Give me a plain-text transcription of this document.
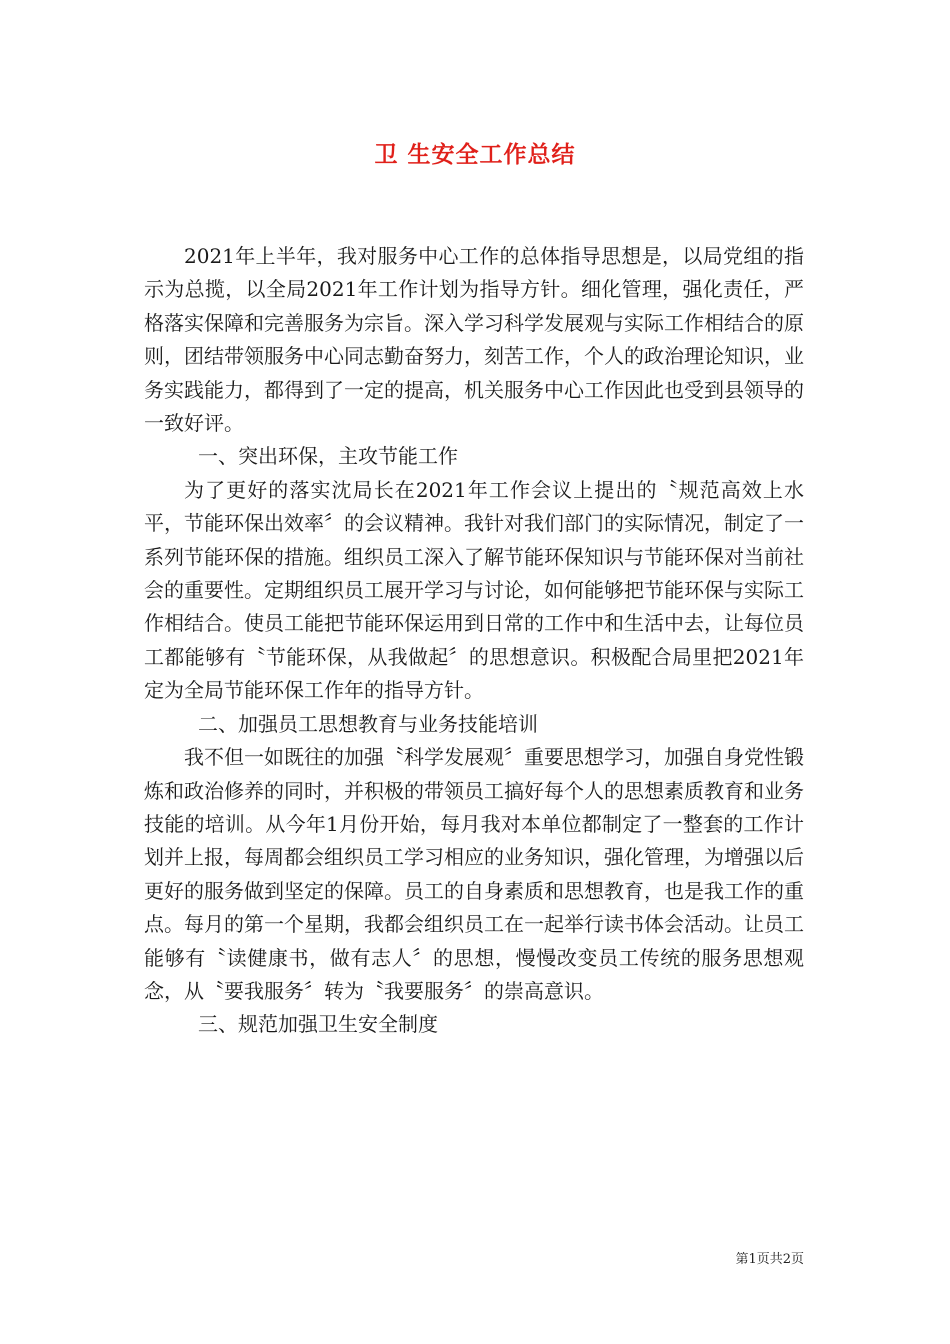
卫 生安全工作总结

2021年上半年，我对服务中心工作的总体指导思想是，以局党组的指示为总揽，以全局2021年工作计划为指导方针。细化管理，强化责任，严格落实保障和完善服务为宗旨。深入学习科学发展观与实际工作相结合的原则，团结带领服务中心同志勤奋努力，刻苦工作，个人的政治理论知识，业务实践能力，都得到了一定的提高，机关服务中心工作因此也受到县领导的一致好评。

一、突出环保，主攻节能工作

为了更好的落实沈局长在2021年工作会议上提出的〝规范高效上水平，节能环保出效率〞的会议精神。我针对我们部门的实际情况，制定了一系列节能环保的措施。组织员工深入了解节能环保知识与节能环保对当前社会的重要性。定期组织员工展开学习与讨论，如何能够把节能环保与实际工作相结合。使员工能把节能环保运用到日常的工作中和生活中去，让每位员工都能够有〝节能环保，从我做起〞的思想意识。积极配合局里把2021年定为全局节能环保工作年的指导方针。

二、加强员工思想教育与业务技能培训

我不但一如既往的加强〝科学发展观〞重要思想学习，加强自身党性锻炼和政治修养的同时，并积极的带领员工搞好每个人的思想素质教育和业务技能的培训。从今年1月份开始，每月我对本单位都制定了一整套的工作计划并上报，每周都会组织员工学习相应的业务知识，强化管理，为增强以后更好的服务做到坚定的保障。员工的自身素质和思想教育，也是我工作的重点。每月的第一个星期，我都会组织员工在一起举行读书体会活动。让员工能够有〝读健康书，做有志人〞的思想，慢慢改变员工传统的服务思想观念，从〝要我服务〞转为〝我要服务〞的崇高意识。

三、规范加强卫生安全制度

第1页共2页
